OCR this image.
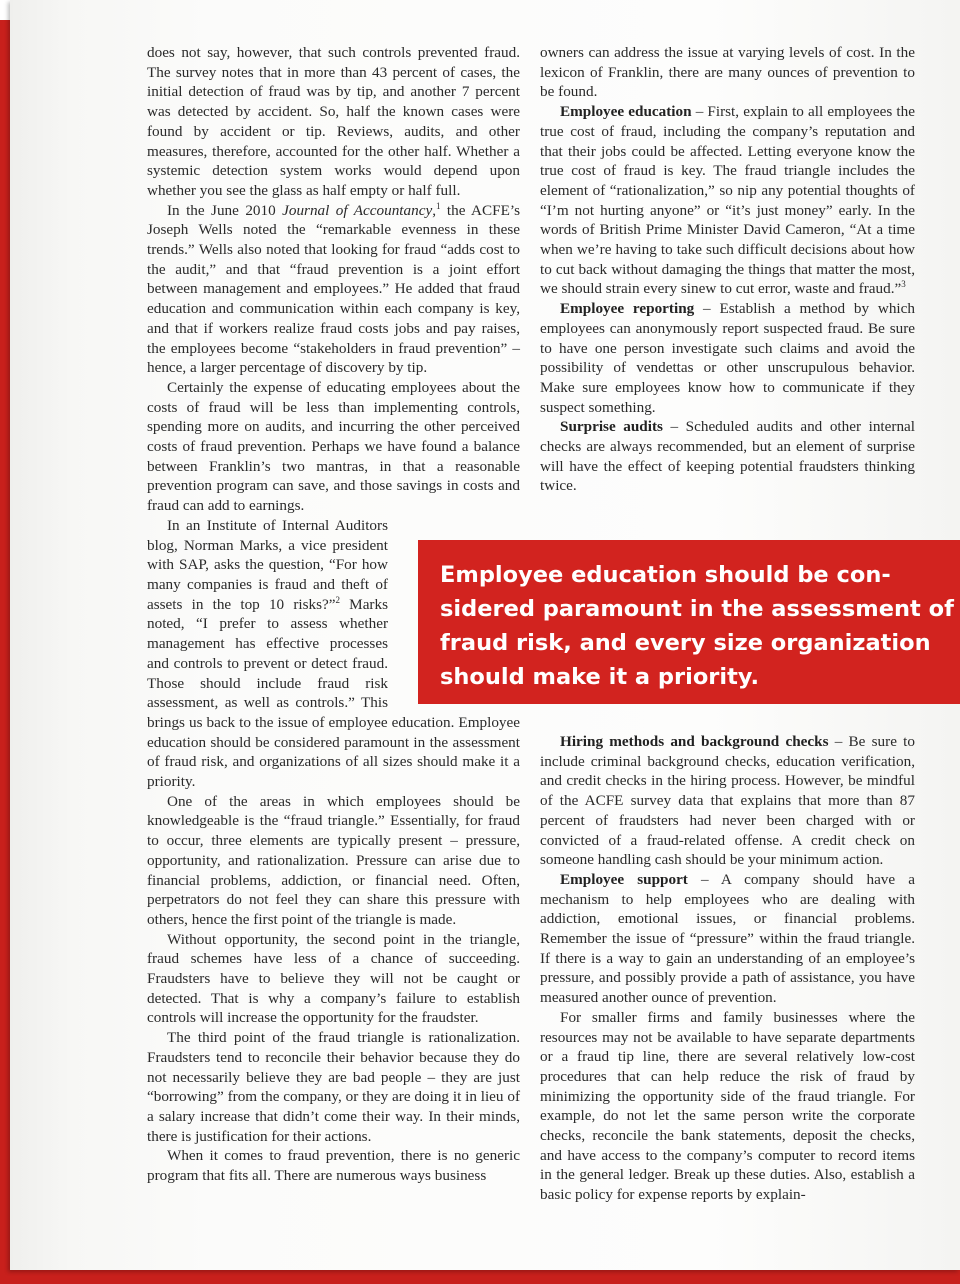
does not say, however, that such controls prevented fraud. The survey notes that in more than 43 percent of cases, the initial detection of fraud was by tip, and another 7 percent was detected by accident. So, half the known cases were found by accident or tip. Reviews, audits, and other measures, therefore, accounted for the other half. Whether a systemic detection system works would depend upon whether you see the glass as half empty or half full.

In the June 2010 Journal of Accountancy,$^1$ the ACFE’s Joseph Wells noted the “remarkable evenness in these trends.” Wells also noted that looking for fraud “adds cost to the audit,” and that “fraud prevention is a joint effort between management and employees.” He added that fraud education and communication within each company is key, and that if workers realize fraud costs jobs and pay raises, the employees become “stakeholders in fraud prevention” – hence, a larger percentage of discovery by tip.

Certainly the expense of educating employees about the costs of fraud will be less than implementing controls, spending more on audits, and incurring the other perceived costs of fraud prevention. Perhaps we have found a balance between Franklin’s two mantras, in that a reasonable prevention program can save, and those savings in costs and fraud can add to earnings.

In an Institute of Internal Auditors blog, Norman Marks, a vice president with SAP, asks the question, “For how many companies is fraud and theft of assets in the top 10 risks?”$^2$ Marks noted, “I prefer to assess whether management has effective processes and controls to prevent or detect fraud. Those should include fraud risk assessment, as well as controls.” This brings us back to the issue of employee education. Employee education should be considered paramount in the assessment of fraud risk, and organizations of all sizes should make it a priority.

One of the areas in which employees should be knowledgeable is the “fraud triangle.” Essentially, for fraud to occur, three elements are typically present – pressure, opportunity, and rationalization. Pressure can arise due to financial problems, addiction, or financial need. Often, perpetrators do not feel they can share this pressure with others, hence the first point of the triangle is made.

Without opportunity, the second point in the triangle, fraud schemes have less of a chance of succeeding. Fraudsters have to believe they will not be caught or detected. That is why a company’s failure to establish controls will increase the opportunity for the fraudster.

The third point of the fraud triangle is rationalization. Fraudsters tend to reconcile their behavior because they do not necessarily believe they are bad people – they are just “borrowing” from the company, or they are doing it in lieu of a salary increase that didn’t come their way. In their minds, there is justification for their actions.

When it comes to fraud prevention, there is no generic program that fits all. There are numerous ways business

owners can address the issue at varying levels of cost. In the lexicon of Franklin, there are many ounces of prevention to be found.

Employee education – First, explain to all employees the true cost of fraud, including the company’s reputation and that their jobs could be affected. Letting everyone know the true cost of fraud is key. The fraud triangle includes the element of “rationalization,” so nip any potential thoughts of “I’m not hurting anyone” or “it’s just money” early. In the words of British Prime Minister David Cameron, “At a time when we’re having to take such difficult decisions about how to cut back without damaging the things that matter the most, we should strain every sinew to cut error, waste and fraud.”$^3$

Employee reporting – Establish a method by which employees can anonymously report suspected fraud. Be sure to have one person investigate such claims and avoid the possibility of vendettas or other unscrupulous behavior. Make sure employees know how to communicate if they suspect something.

Surprise audits – Scheduled audits and other internal checks are always recommended, but an element of surprise will have the effect of keeping potential fraudsters thinking twice.

Employee education should be con-
sidered paramount in the assessment of
fraud risk, and every size organization
should make it a priority.

Hiring methods and background checks – Be sure to include criminal background checks, education verification, and credit checks in the hiring process. However, be mindful of the ACFE survey data that explains that more than 87 percent of fraudsters had never been charged with or convicted of a fraud-related offense. A credit check on someone handling cash should be your minimum action.

Employee support – A company should have a mechanism to help employees who are dealing with addiction, emotional issues, or financial problems. Remember the issue of “pressure” within the fraud triangle. If there is a way to gain an understanding of an employee’s pressure, and possibly provide a path of assistance, you have measured another ounce of prevention.

For smaller firms and family businesses where the resources may not be available to have separate departments or a fraud tip line, there are several relatively low-cost procedures that can help reduce the risk of fraud by minimizing the opportunity side of the fraud triangle. For example, do not let the same person write the corporate checks, reconcile the bank statements, deposit the checks, and have access to the company’s computer to record items in the general ledger. Break up these duties. Also, establish a basic policy for expense reports by explain-
